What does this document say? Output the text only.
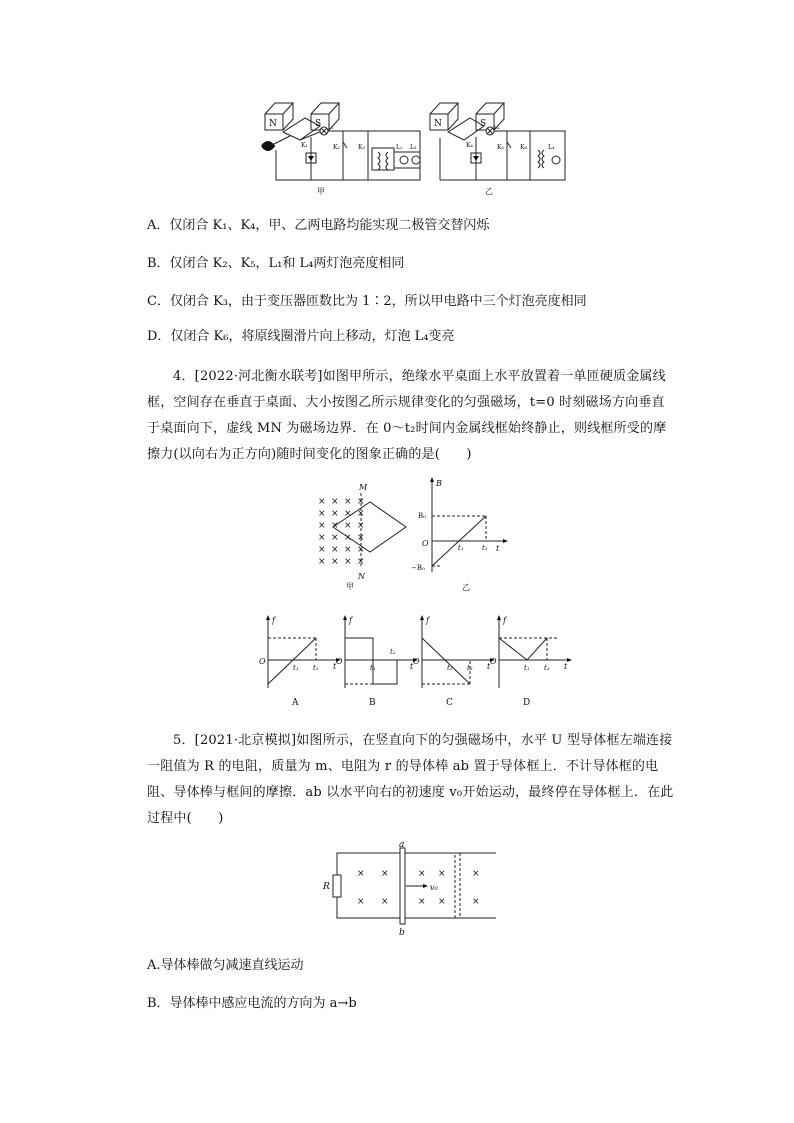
N	S L₁
K₁	K₂	K₃	L₂ L₃
甲
N	S L₄
K₄	K₅	K₆	L₄
乙
A．仅闭合 K₁、K₄，甲、乙两电路均能实现二极管交替闪烁
B．仅闭合 K₂、K₅，L₁和 L₄两灯泡亮度相同
C．仅闭合 K₃，由于变压器匝数比为 1∶2，所以甲电路中三个灯泡亮度相同
D．仅闭合 K₆，将原线圈滑片向上移动，灯泡 L₄变亮
4．[2022·河北衡水联考]如图甲所示，绝缘水平桌面上水平放置着一单匝硬质金属线框，空间存在垂直于桌面、大小按图乙所示规律变化的匀强磁场，t=0 时刻磁场方向垂直于桌面向下，虚线 MN 为磁场边界．在 0～t₂时间内金属线框始终静止，则线框所受的摩擦力(以向右为正方向)随时间变化的图象正确的是(　　)
× × × ×
× × × ×
× × × ×
× × × ×
× × × ×
× × × ×
M
N
甲
B
B₀
O
−B₀
t₁	t₂ t
乙
f
O
t
t₁ t₂
A
f
O
t
t₁
t₂
B
f
O
t
t₁ t₂
C
f
O
t
t₁ t₂
D
5．[2021·北京模拟]如图所示，在竖直向下的匀强磁场中，水平 U 型导体框左端连接一阻值为 R 的电阻，质量为 m、电阻为 r 的导体棒 ab 置于导体框上．不计导体框的电阻、导体棒与框间的摩擦．ab 以水平向右的初速度 v₀开始运动，最终停在导体框上．在此过程中(　　)
R
a
b
v₀
×
×
×
×
×
×
×
×
×
×
A.导体棒做匀减速直线运动
B．导体棒中感应电流的方向为 a→b
